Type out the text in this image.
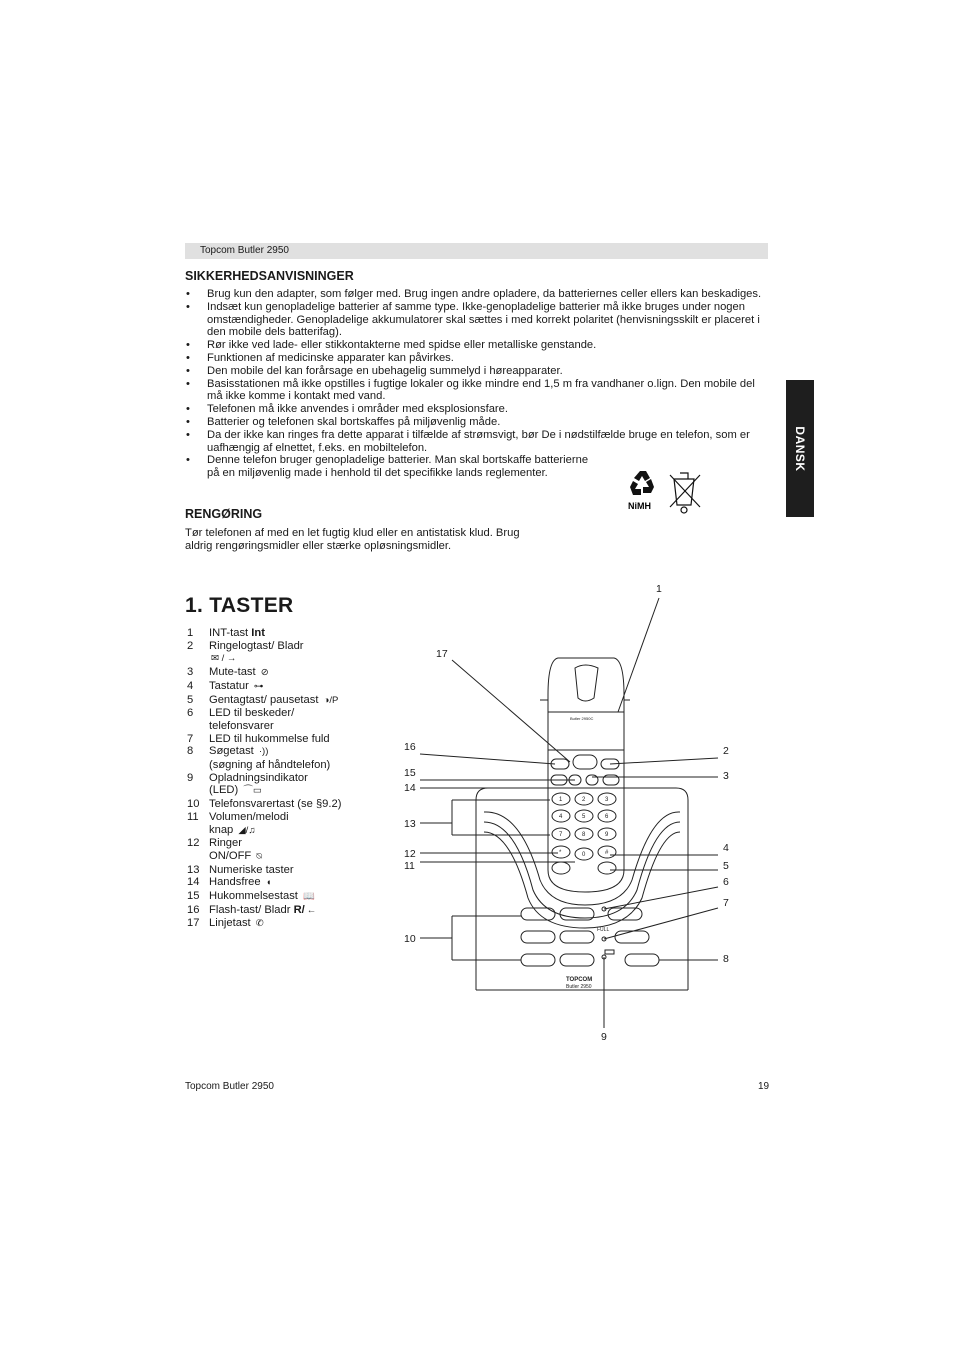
Topcom Butler 2950
DANSK
SIKKERHEDSANVISNINGER
• Brug kun den adapter, som følger med. Brug ingen andre opladere, da batteriernes celler ellers kan beskadiges.
• Indsæt kun genopladelige batterier af samme type. Ikke-genopladelige batterier må ikke bruges under nogen omstændigheder. Genopladelige akkumulatorer skal sættes i med korrekt polaritet (henvisningsskilt er placeret i den mobile dels batterifag).
• Rør ikke ved lade- eller stikkontakterne med spidse eller metalliske genstande.
• Funktionen af medicinske apparater kan påvirkes.
• Den mobile del kan forårsage en ubehagelig summelyd i høreapparater.
• Basisstationen må ikke opstilles i fugtige lokaler og ikke mindre end 1,5 m fra vandhaner o.lign. Den mobile del må ikke komme i kontakt med vand.
• Telefonen må ikke anvendes i områder med eksplosionsfare.
• Batterier og telefonen skal bortskaffes på miljøvenlig måde.
• Da der ikke kan ringes fra dette apparat i tilfælde af strømsvigt, bør De i nødstilfælde bruge en telefon, som er uafhængig af elnettet, f.eks. en mobiltelefon.
• Denne telefon bruger genopladelige batterier. Man skal bortskaffe batterierne på en miljøvenlig made i henhold til det specifikke lands reglementer.
NiMH
RENGØRING
Tør telefonen af med en let fugtig klud eller en antistatisk klud. Brug aldrig rengøringsmidler eller stærke opløsningsmidler.
1. TASTER
1 INT-tast Int
2 Ringelogtast/ Bladr ✉ / →
3 Mute-tast ⊘
4 Tastatur ⊶
5 Gentagtast/ pausetast ◑/P
6 LED til beskeder/ telefonsvarer
7 LED til hukommelse fuld
8 Søgetast ·))
(søgning af håndtelefon)
9 Opladningsindikator
(LED) ⌒▭
10 Telefonsvarertast (se §9.2)
11 Volumen/melodi
knap ◢/♫
12 Ringer
ON/OFF ⍉
13 Numeriske taster
14 Handsfree ◖
15 Hukommelsestast 📖
16 Flash-tast/ Bladr R/ ←
17 Linjetast ✆
FULL
TOPCOM
Butler 2950
Butler 2950C
1	2	3
4	5	6
7	8	9
*	0	#
1
17
16	2
15	3
14
13
4
12
5
11
6
7
10
8
9
Topcom Butler 2950	19
